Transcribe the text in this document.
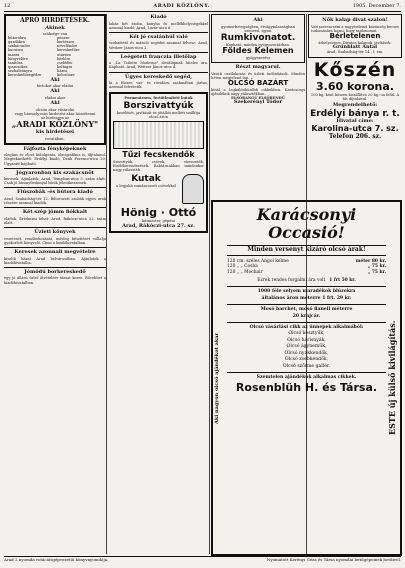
12	ARADI KÖZLÖNY.	1905. December 7.
APRÓ HIRDETÉSEK.
Akinek
szüksége van
bútorokra
gazdákra
szakácsnőre
kocsisra
inasra
könyvelőre
tanítóra
iparosokra
szobaleányra
kereskedősegédre
pénzre
kertészre
nevelőnőre
kereskedőre
utazóra
bérlőre
cselédre
beltagra
házra
kölcsönre
Aki
birtokot akar eladni
Aki
eladni akar
Aki
olcsón akar vásárolni
vagy bármely más hirdetést akar közzétenni
az hirdessen az
„ARADI KÖZLÖNY"
kis hirdetései
rovatában.
Fájfozta fényképeknek
elegáns és olcsó kidolgozás, oleografikus is, díjtalanul. Megtekinthető: Erdélyi kiadó, Deák Ferencz-utca 20. Ugyanitt kapható.
Jógyaronban kis szakácsnőt
keresek. Ajánlatok: Arad, Templom-utca 5. szám alatt. Csak jó bizonyítvánnyal bírók jelentkezzenek.
Fiúszobák -és bútora kiadó
Arad, Szabadság-tér 12. Bútorozott szobák egyes urak részére azonnal kiadók.
Két szép jömm fiókkalt
eladok. Értekezni lehet: Arad, Rákóczi-utca 22. szám alatt.
Üzleti könyvek
vezetését, rendbehozását, mérleg készítését vállalja gyakorlott könyvelő. Címe a kiadóhivatalban.
Keresek azonnali megvételre
kisebb házat Arad belvárosában. Ajánlatok a kiadóhivatalba.
Jómódú borkereskedő
egy jó állású üzlet átvételére társat keres. Bővebbet a kiadóhivatalban.
Kiadó
lakás két szoba, konyha és mellékhelyiségekkel azonnal kiadó. Arad, Lázár-utca 6.
Két jó csalánhúl való
szobafestő és mázoló segédet azonnal felvesz: Arad, Weitzer János-utca 2.
Leégetett franczia illetőlap
a „La Toilette Moderne" divatlapnak hiteles ára. Kapható: Arad, Weitzer János-utca 4.
Úgyes kereskedő segéd,
ki a fűszer, vas- és rövidáru szakmában jártas, azonnal felvétetik.
Pormentesen, fertőtlenített kutak
Borszivattyúk
kezelését, javítását és jótállás mellett szállítja olcsó áron
Tűzi fecskendők
Szivattyúk, csövek, vízvezeték, fürdőberendezések. Raktárunkban mindenkor nagy választék.
Kutak
a legjobb zománcozott csövekkel
Hönig · Ottó
kútmester, gépész
Arad, Rákóczi-utca 27. sz.
Aki
gyomorbetegségben, étvágytalanságban szenved, igyon
Rumkivonatot.
Kapható: minden gyógyszertárban.
Földes Kelemen
gyógyszerész
Részt magyarul.
Vasúti csatlakozás és üzleti tudósítások. Minden héten megjelenő lap.
OLCSÓ BAZÁRT
kínál a legkülönbözőbb cikkekben. Karácsonyi ajándékok nagy választékban.
ELSŐRANGÚ ELSŐRENDŰ
Szekerényi Tódor
Nők kalap divat szalon!
Van szerencsém a nagyérdemű közönség becses tudomására hozni, hogy szalonomat
Bérletelenen
áthelyeztem. Divatos kalapok, javítások.
Grünblatt Antal
Arad, Szabadság-tér 14., I. em.
Kőszén
3.60 korona.
100 kg. ként készen kiszállítva 20 kg.-on felül. A fát díjtalanul.
Megrendelhető:
Erdélyi bánya r. t.
Hivatal címe:
Karolina-utca 7. sz.
Telefon 206. sz.
Aki nagyon olcsó ajándékot akar	ESTE új külső kivilágítás.
Karácsonyi Occasió!
Minden versenyt kizáró olcsó árak!
120 cm. széles Angol kelme	méter 80 kr.
120 „ „ Cosba	„ 75 kr.
120 „ „ Mochair	„ 75 kr.
Ezrek rendes forgalmi ára volt 1 frt 50 kr.
1000 féle selyem maradékok blúzokra
általános áron méterre 1 frt. 29 kr.
Mosó barchet, mosó flanell méterre
20 krajcár.
Olcsó vásárlási cikk az ünnepek alkalmából:
Olcsó kesztyűk,
Olcsó harisnyák,
Olcsó ágyneműk,
Olcsó nyakkendők,
Olcsó zsebkendők,
Olcsó szőrme gallér.
Szemtelen ajándékok alkalmas cikkek.
Rosenblüh H. és Társa.
Arad 2 nyomda rotációsgépvezetői könyvnyomdája.	Nyomatott Kerényi Géza és Társa nyomdai betűgépeinek betűivel.
